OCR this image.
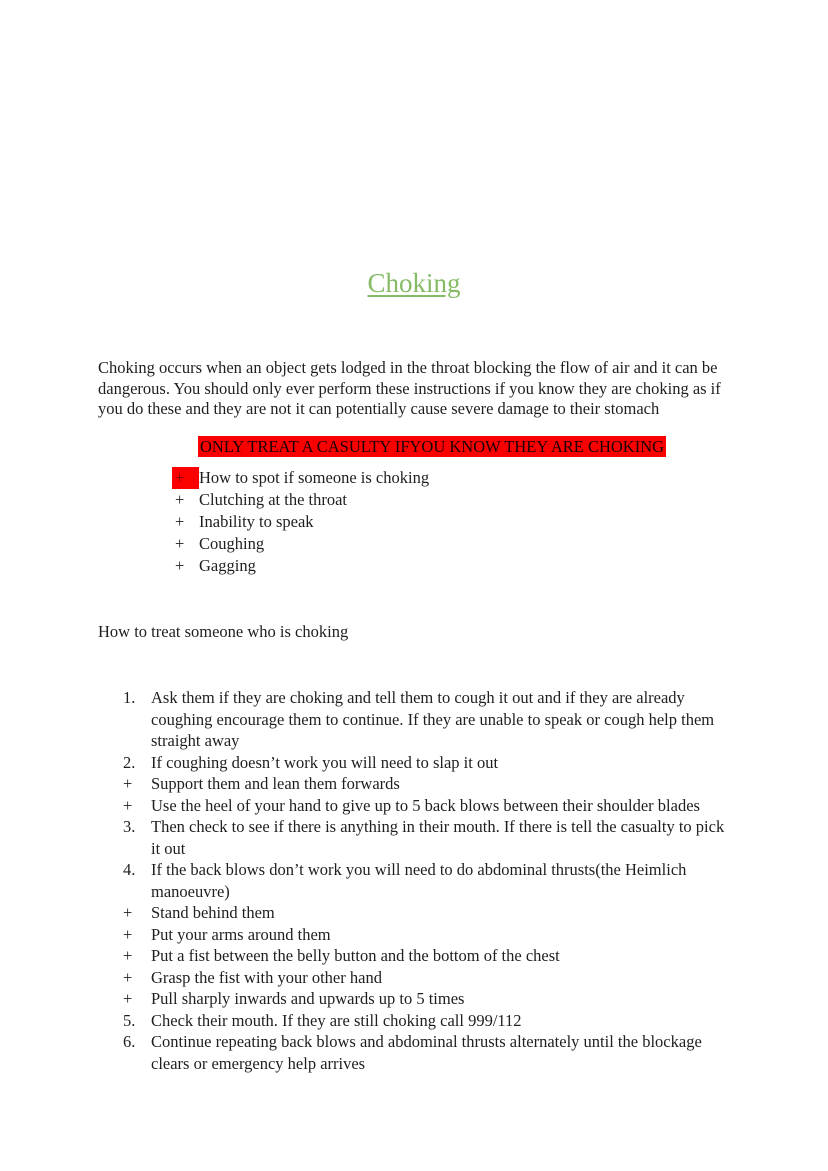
Choking

Choking occurs when an object gets lodged in the throat blocking the flow of air and it can be dangerous. You should only ever perform these instructions if you know they are choking as if you do these and they are not it can potentially cause severe damage to their stomach

ONLY TREAT A CASULTY IFYOU KNOW THEY ARE CHOKING
+ How to spot if someone is choking
+ Clutching at the throat
+ Inability to speak
+ Coughing
+ Gagging
How to treat someone who is choking
1. Ask them if they are choking and tell them to cough it out and if they are already coughing encourage them to continue. If they are unable to speak or cough help them straight away
2. If coughing doesn’t work you will need to slap it out
+	Support them and lean them forwards
+	Use the heel of your hand to give up to 5 back blows between their shoulder blades
3. Then check to see if there is anything in their mouth. If there is tell the casualty to pick it out
4. If the back blows don’t work you will need to do abdominal thrusts(the Heimlich manoeuvre)
+	Stand behind them
+	Put your arms around them
+	Put a fist between the belly button and the bottom of the chest
+	Grasp the fist with your other hand
+	Pull sharply inwards and upwards up to 5 times
5. Check their mouth. If they are still choking call 999/112
6. Continue repeating back blows and abdominal thrusts alternately until the blockage clears or emergency help arrives
